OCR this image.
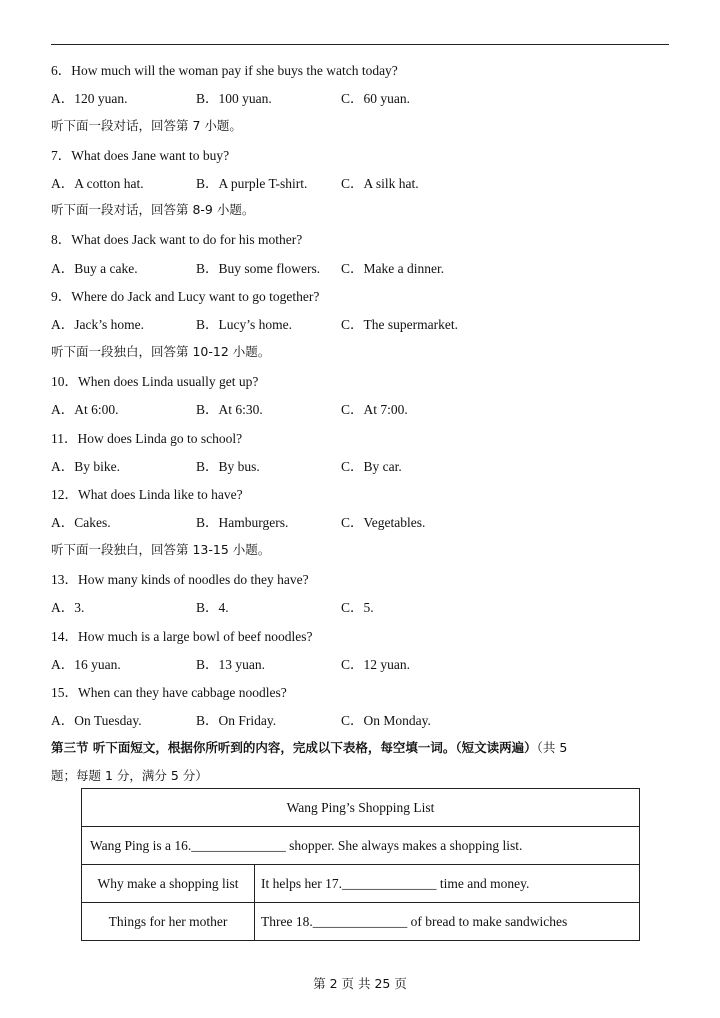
6．How much will the woman pay if she buys the watch today?
A．120 yuan.	B．100 yuan.	C．60 yuan.
听下面一段对话，回答第 7 小题。
7．What does Jane want to buy?
A．A cotton hat.	B．A purple T-shirt. C．A silk hat.
听下面一段对话，回答第 8-9 小题。
8．What does Jack want to do for his mother?
A．Buy a cake.	B．Buy some flowers. C．Make a dinner.
9．Where do Jack and Lucy want to go together?
A．Jack’s home.	B．Lucy’s home.	C．The supermarket.
听下面一段独白，回答第 10-12 小题。
10．When does Linda usually get up?
A．At 6:00.	B．At 6:30.	C．At 7:00.
11．How does Linda go to school?
A．By bike.	B．By bus.	C．By car.
12．What does Linda like to have?
A．Cakes.	B．Hamburgers.	C．Vegetables.
听下面一段独白，回答第 13-15 小题。
13．How many kinds of noodles do they have?
A．3.	B．4.	C．5.
14．How much is a large bowl of beef noodles?
A．16 yuan.	B．13 yuan.	C．12 yuan.
15．When can they have cabbage noodles?
A．On Tuesday.	B．On Friday.	C．On Monday.
第三节 听下面短文，根据你所听到的内容，完成以下表格，每空填一词。（短文读两遍）（共 5
题；每题 1 分，满分 5 分）
Wang Ping’s Shopping List
Wang Ping is a 16.______________ shopper. She always makes a shopping list.
Why make a shopping list	It helps her 17.______________ time and money.
Things for her mother	Three 18.______________ of bread to make sandwiches
第 2 页 共 25 页
